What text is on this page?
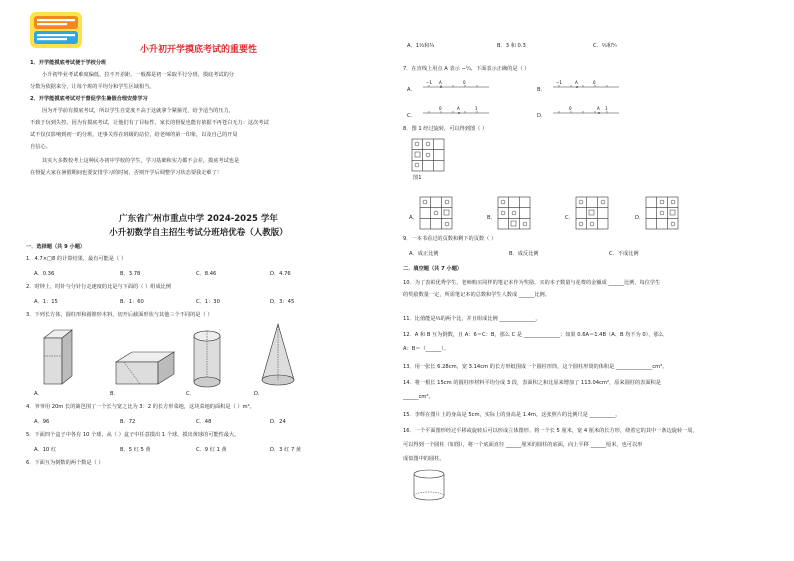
小升初开学摸底考试的重要性
1．开学能摸底考试便于学校分班
小升初毕业考试难度偏低，拉不开差距。一般都是初一采取平行分班，摸底考试的分
分数为依据来分，让每个班的平均分和学生区域相当。
2．开学能摸底考试对于督促学生暑假合理安排学习
因为开学前有摸底考试，所以学生自觉度不高于这就拿个紧箍咒，给予适当的压力，
不致于玩到失控。因为有摸底考试，让他们有了目标性，家长的督促也能有依据不再苍白无力：这次考试
试不仅仅影响到初一的分班，还事关你在班级的站位，给老师的第一印象，以及自己的开局
自信心。
其实大多数校考上这种民办初中学校的学生，学习基础和实力都不会差，摸底考试也是
在督促大家在暑假期间也要安排学习的时间，否则开学后调整学习状态要我走难了！
广东省广州市重点中学 2024-2025 学年
小升初数学自主招生考试分班培优卷（人教版）
一．选择题（共 9 小题）
1．4.7×□8 的计算结果，最有可能是（ ）
A．0.36	B．3.78	C．8.46	D．4.76
2．时钟上，时针与分针行走速度的比是与下面的（ ）组成比例
A．1：15	B．1：60	C．1：30	D．3：45
3．下列长方体，圆柱形和圆锥形木料，切开后截面形状与其他三个不同的是（ ）
A．	B．	C．	D．
4．爷爷用 20m 长的篱笆围了一个长与宽之比为 3：2 的长方形菜地，这块菜地的面积是（ ）m²。
A．96	B．72	C．48	D．24
5．下面四个盒子中各有 10 个球，从（ ）盒子中任意摸出 1 个球，摸出黄球的可能性最大。
A．10 红	B．5 红 5 黄	C．9 红 1 黄	D．3 红 7 黄
6．下面互为倒数的两个数是（ ）
A．1⅓和¾	B．3 和 0.3	C．⅔和⁵⁄₇
7．在直线上用点 A 表示 −¼，下面表示正确的是（ ）
A．
−1 A	0
B．
−1	A	0
C．
0	A	1
D．
0	A 1
8．图 1 经过旋转，可以得到图（ ）
图1
A．	B．	C．	D．
9．一本书看过的页数和剩下的页数（ ）
A．成正比例	B．成反比例	C．不成比例
二．填空题（共 7 小题）
10．为了表彰优秀学生，老师购买同样的笔记本作为奖励，买的本子数量与花费的金额成 ______比例，每位学生
的奖励数量一定，所需笔记本的总数和学生人数成 ______比例。
11．比值能是⅓的两个比，并且组成比例 ______________。
12．A 和 B 互为倒数，且 A：6＝C：B，那么 C 是 ______________；如果 0.6A＝1.4B（A、B 均不为 0），那么
A：B＝（______）。
13．用一张长 6.28cm，宽 3.14cm 的长方形纸围成一个圆柱形筒，这个圆柱形筒的体积是 ______________cm³。
14．将一根长 15cm 的圆柱形材料平均分成 3 段，表面积之和比原来增加了 113.04cm²，原来圆柱的表面积是
______cm²。
15．李辉在图片上的身高是 5cm，实际上的身高是 1.4m，这张照片的比例尺是 __________。
16．一个平面图形经过平移或旋转后可以形成立体图形。将一个长 5 厘米，宽 4 厘米的长方形，绕着它的其中一条边旋转一周，
可以得到一个圆柱（如图），将一个底面直径 ______厘米的圆柱的底面，向上平移 ______厘米，也可以形
成似图中的圆柱。
